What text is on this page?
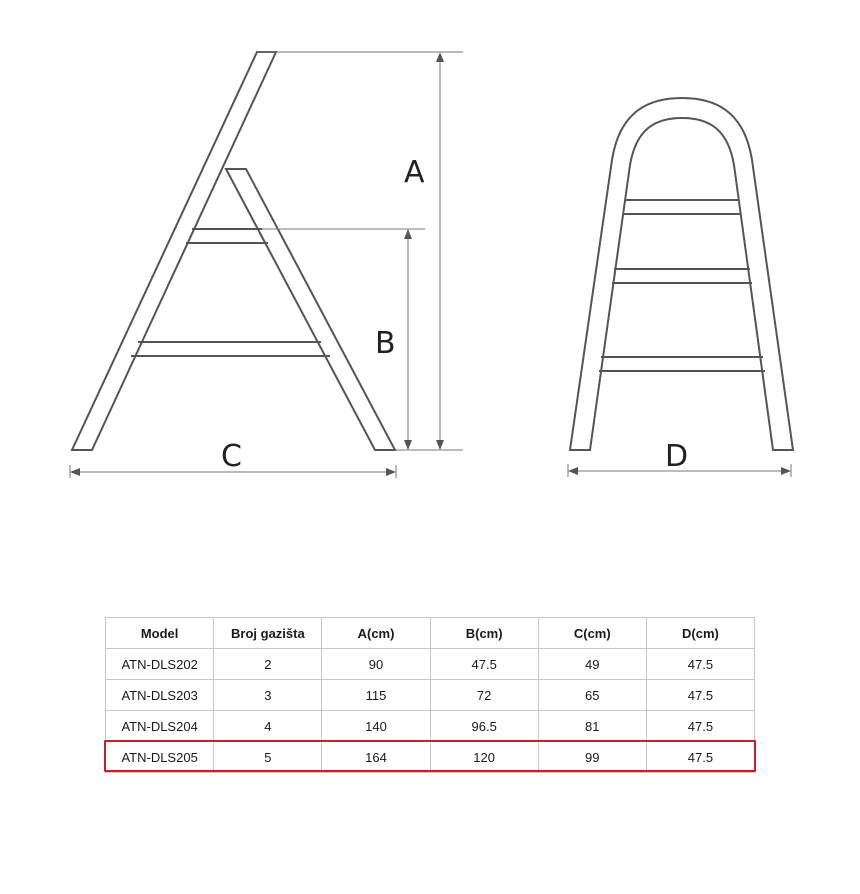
A
B
C	D
Model	Broj gazišta	A(cm)	B(cm)	C(cm)	D(cm)
ATN-DLS202	2	90	47.5	49	47.5
ATN-DLS203	3	115	72	65	47.5
ATN-DLS204	4	140	96.5	81	47.5
ATN-DLS205	5	164	120	99	47.5
